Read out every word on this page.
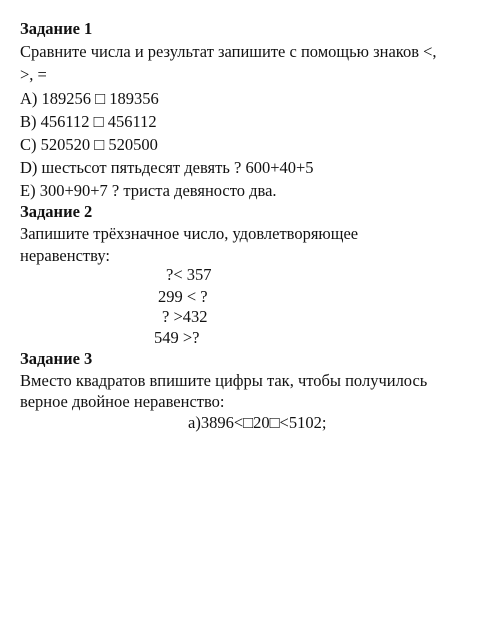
Задание 1
Сравните числа и результат запишите с помощью знаков <,
>, =
A) 189256 □ 189356
B) 456112 □ 456112
C) 520520 □ 520500
D) шестьсот пятьдесят девять ? 600+40+5
E) 300+90+7 ? триста девяносто два.
Задание 2
Запишите трёхзначное число, удовлетворяющее
неравенству:
?< 357
299 < ?
? >432
549 >?
Задание 3
Вместо квадратов впишите цифры так, чтобы получилось
верное двойное неравенство:
а)3896<□20□<5102;
